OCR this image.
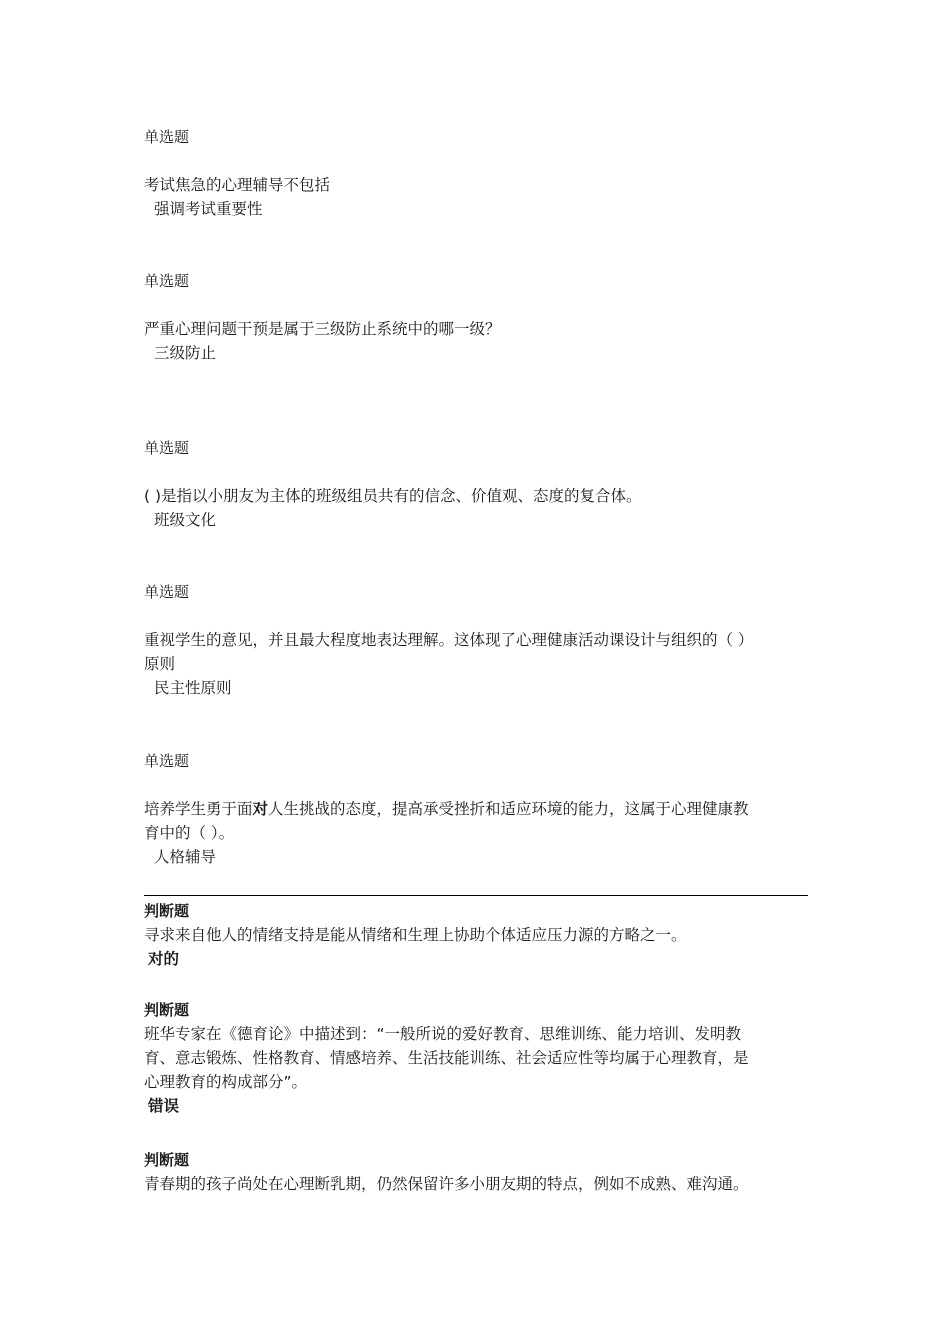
单选题
考试焦急的心理辅导不包括
强调考试重要性
单选题
严重心理问题干预是属于三级防止系统中的哪一级？
三级防止
单选题
( )是指以小朋友为主体的班级组员共有的信念、价值观、态度的复合体。
班级文化
单选题
重视学生的意见，并且最大程度地表达理解。这体现了心理健康活动课设计与组织的（ ）
原则
民主性原则
单选题
培养学生勇于面对人生挑战的态度，提高承受挫折和适应环境的能力，这属于心理健康教
育中的（ ）。
人格辅导
判断题
寻求来自他人的情绪支持是能从情绪和生理上协助个体适应压力源的方略之一。
对的
判断题
班华专家在《德育论》中描述到：“一般所说的爱好教育、思维训练、能力培训、发明教
育、意志锻炼、性格教育、情感培养、生活技能训练、社会适应性等均属于心理教育，是
心理教育的构成部分”。
错误
判断题
青春期的孩子尚处在心理断乳期，仍然保留许多小朋友期的特点，例如不成熟、难沟通。
